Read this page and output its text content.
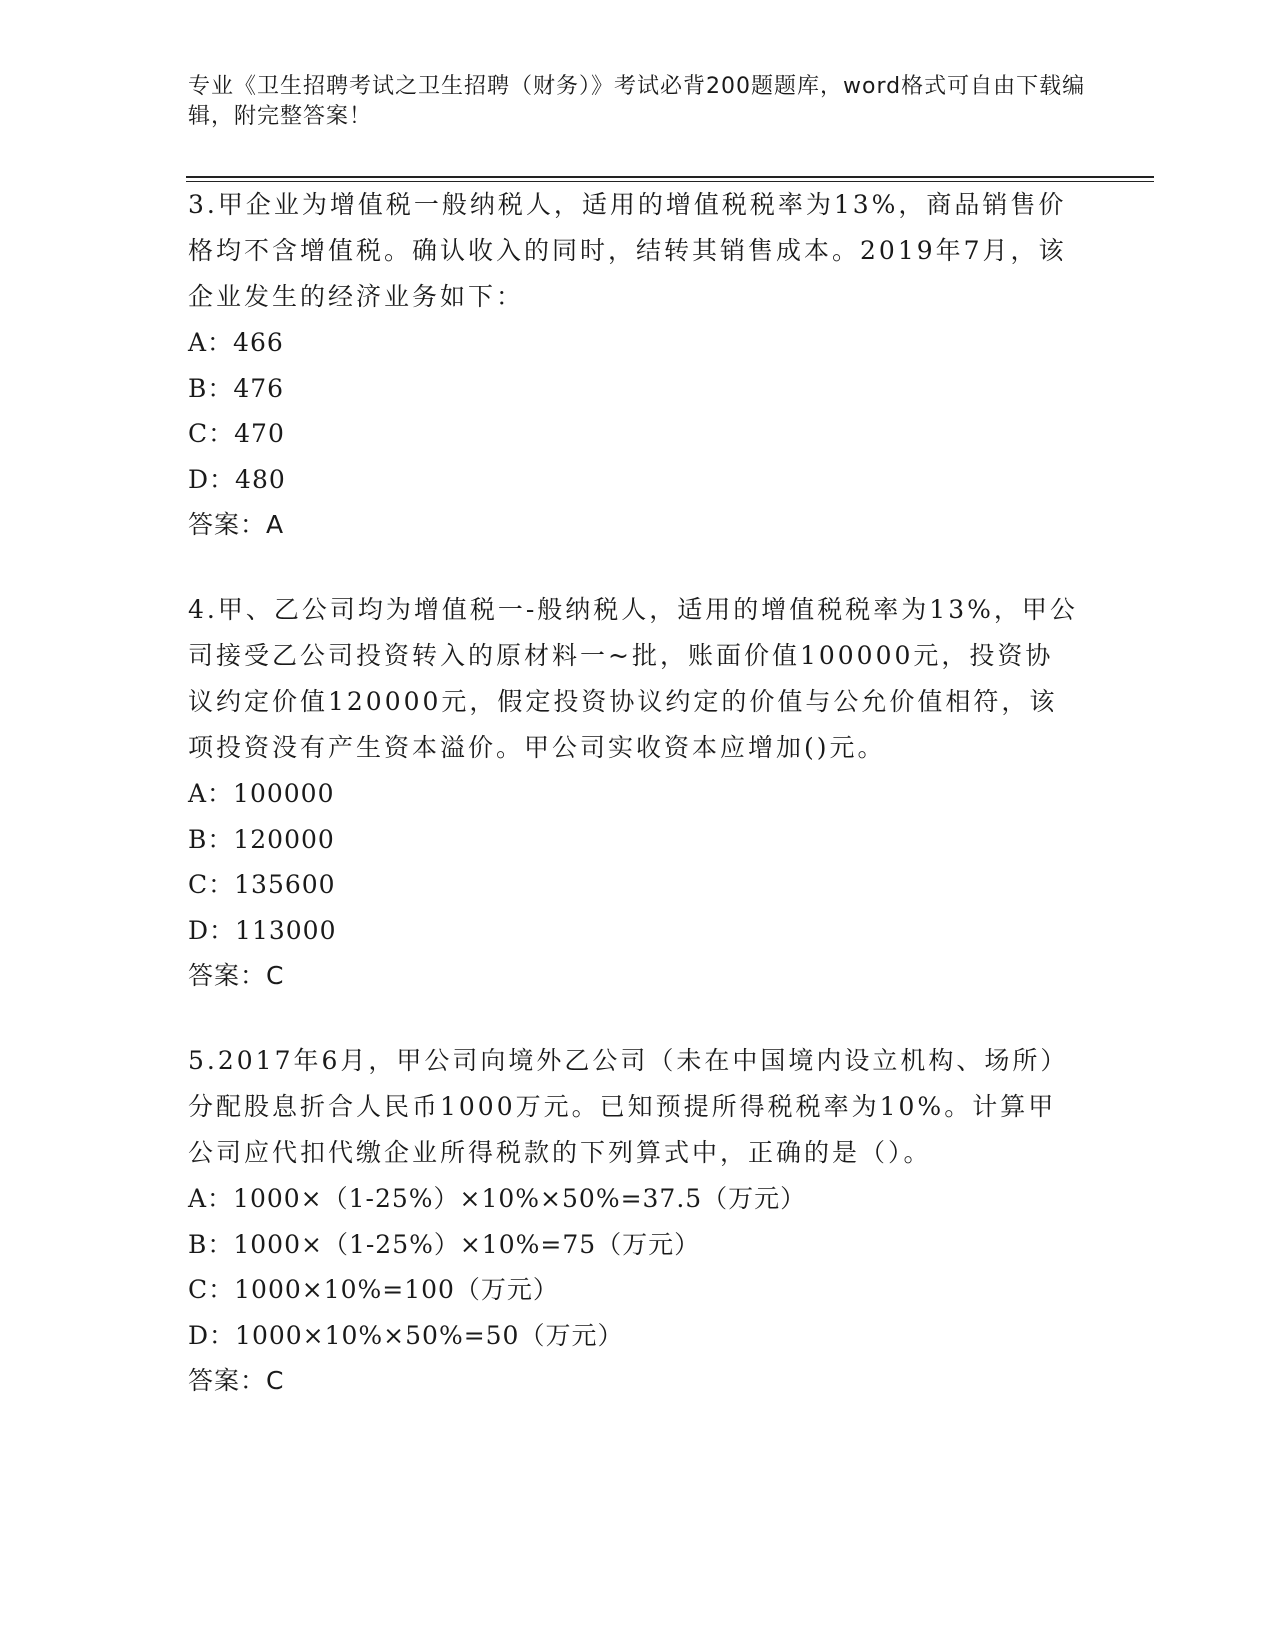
专业《卫生招聘考试之卫生招聘（财务）》考试必背200题题库，word格式可自由下载编辑，附完整答案！
3.甲企业为增值税一般纳税人，适用的增值税税率为13%，商品销售价格均不含增值税。确认收入的同时，结转其销售成本。2019年7月，该企业发生的经济业务如下：
A：466
B：476
C：470
D：480
答案：A
4.甲、乙公司均为增值税一-般纳税人，适用的增值税税率为13%，甲公司接受乙公司投资转入的原材料一~批，账面价值100000元，投资协议约定价值120000元，假定投资协议约定的价值与公允价值相符，该项投资没有产生资本溢价。甲公司实收资本应增加()元。
A：100000
B：120000
C：135600
D：113000
答案：C
5.2017年6月，甲公司向境外乙公司（未在中国境内设立机构、场所）分配股息折合人民币1000万元。已知预提所得税税率为10%。计算甲公司应代扣代缴企业所得税款的下列算式中，正确的是（）。
A：1000×（1-25%）×10%×50%=37.5（万元）
B：1000×（1-25%）×10%=75（万元）
C：1000×10%=100（万元）
D：1000×10%×50%=50（万元）
答案：C
